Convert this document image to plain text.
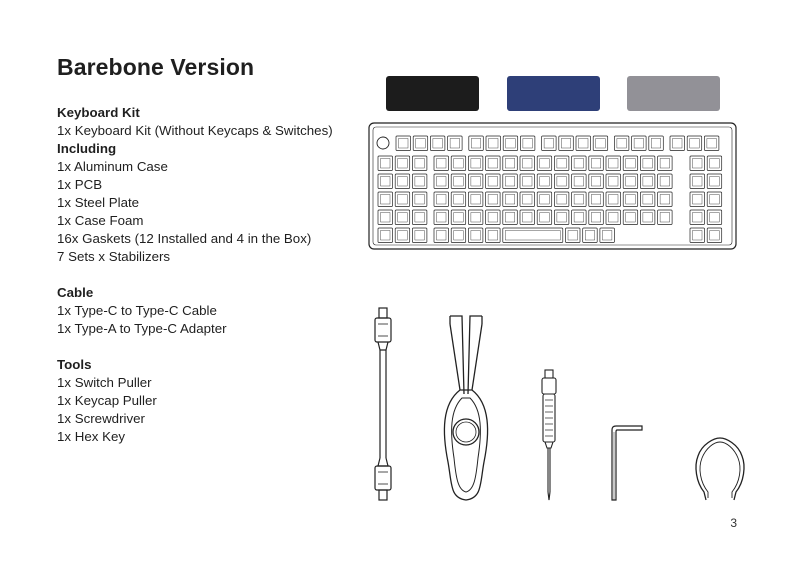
Barebone Version
Keyboard Kit
1x Keyboard Kit (Without Keycaps & Switches)
Including
1x Aluminum Case
1x PCB
1x Steel Plate
1x Case Foam
16x Gaskets (12 Installed and 4 in the Box)
7 Sets x Stabilizers
Cable
1x Type-C to Type-C Cable
1x Type-A to Type-C Adapter
Tools
1x Switch Puller
1x Keycap Puller
1x Screwdriver
1x Hex Key
3
